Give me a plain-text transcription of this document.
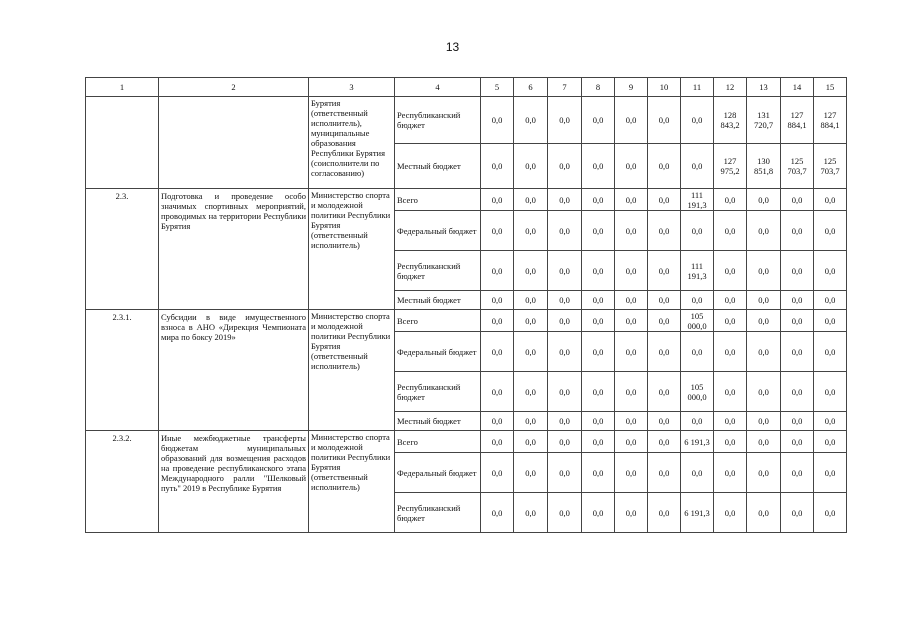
13
1	2	3	4	5	6	7	8	9	10	11	12	13	14	15
		Бурятия (ответственный исполнитель), муниципальные образования Республики Бурятия (соисполнители по согласованию)	Республиканский бюджет	0,0	0,0	0,0	0,0	0,0	0,0	0,0	128 843,2	131 720,7	127 884,1	127 884,1
			Местный бюджет	0,0	0,0	0,0	0,0	0,0	0,0	0,0	127 975,2	130 851,8	125 703,7	125 703,7
2.3.	Подготовка и проведение особо значимых спортивных мероприятий, проводимых на территории Республики Бурятия	Министерство спорта и молодежной политики Республики Бурятия (ответственный исполнитель)	Всего	0,0	0,0	0,0	0,0	0,0	0,0	111 191,3	0,0	0,0	0,0	0,0
			Федеральный бюджет	0,0	0,0	0,0	0,0	0,0	0,0	0,0	0,0	0,0	0,0	0,0
			Республиканский бюджет	0,0	0,0	0,0	0,0	0,0	0,0	111 191,3	0,0	0,0	0,0	0,0
			Местный бюджет	0,0	0,0	0,0	0,0	0,0	0,0	0,0	0,0	0,0	0,0	0,0
2.3.1.	Субсидии в виде имущественного взноса в АНО «Дирекция Чемпионата мира по боксу 2019»	Министерство спорта и молодежной политики Республики Бурятия (ответственный исполнитель)	Всего	0,0	0,0	0,0	0,0	0,0	0,0	105 000,0	0,0	0,0	0,0	0,0
			Федеральный бюджет	0,0	0,0	0,0	0,0	0,0	0,0	0,0	0,0	0,0	0,0	0,0
			Республиканский бюджет	0,0	0,0	0,0	0,0	0,0	0,0	105 000,0	0,0	0,0	0,0	0,0
			Местный бюджет	0,0	0,0	0,0	0,0	0,0	0,0	0,0	0,0	0,0	0,0	0,0
2.3.2.	Иные межбюджетные трансферты бюджетам муниципальных образований для возмещения расходов на проведение республиканского этапа Международного ралли "Шелковый путь" 2019 в Республике Бурятия	Министерство спорта и молодежной политики Республики Бурятия (ответственный исполнитель)	Всего	0,0	0,0	0,0	0,0	0,0	0,0	6 191,3	0,0	0,0	0,0	0,0
			Федеральный бюджет	0,0	0,0	0,0	0,0	0,0	0,0	0,0	0,0	0,0	0,0	0,0
			Республиканский бюджет	0,0	0,0	0,0	0,0	0,0	0,0	6 191,3	0,0	0,0	0,0	0,0
